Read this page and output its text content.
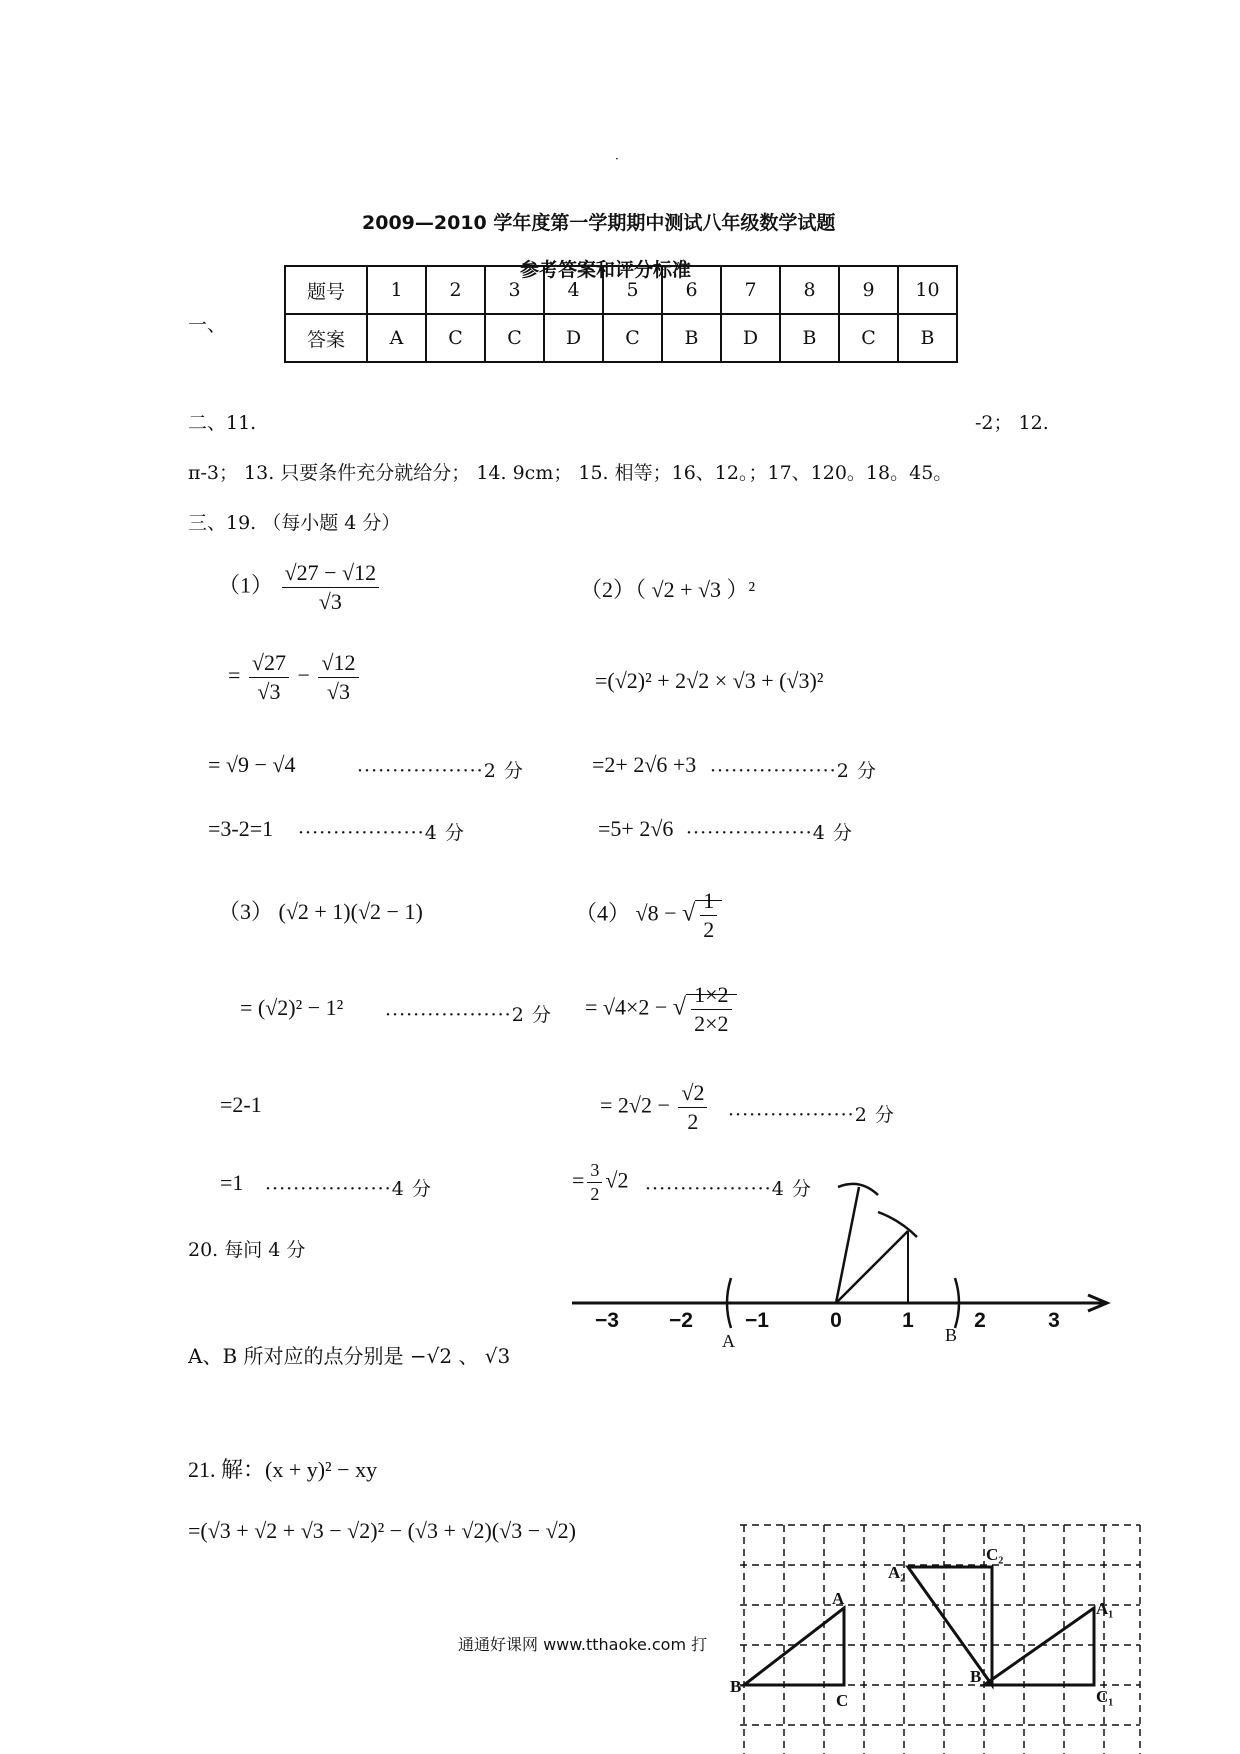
·
2009—2010 学年度第一学期期中测试八年级数学试题
参考答案和评分标准
一、
题号	1	2	3	4	5	6	7	8	9	10
答案	A	C	C	D	C	B	D	B	C	B
二、11.	-2； 12.
π-3； 13. 只要条件充分就给分； 14. 9cm； 15. 相等；16、12。；17、120。18。45。
三、19. （每小题 4 分）
$(1) \frac{√27 - √12}{√3}$
= $\frac{√27}{√3} - \frac{√12}{√3}$
= √9 − √4	··················2 分
=3-2=1 ··················4 分
（2）（ √2 + √3 ）²
=(√2)² + 2√2 × √3 + (√3)²
=2+ 2√6 +3 ··················2 分
=5+ 2√6 ··················4 分
（3） (√2 + 1)(√2 − 1)
= (√2)² − 1² ··················2 分
=2-1
=1 ··················4 分
（4） √8 − √ $\frac{1}{2}$
= √4×2 − √ $\frac{1\times 2}{2\times 2}$
= $2√2 - \frac{√2}{2} \cdot\cdot\cdot\cdot\cdot\cdot\cdot\cdot\cdot\cdot\cdot\cdot\cdot\cdot\cdot\cdot\cdot\cdot 2$ 分
= $\frac{3}{2} √2 \cdot\cdot\cdot\cdot\cdot\cdot\cdot\cdot\cdot\cdot\cdot\cdot\cdot\cdot\cdot\cdot\cdot\cdot 4$ 分
20. 每问 4 分
A、B 所对应的点分别是 −√2 、 √3
−3 −2 −1	0	1	2	3
A	B
21. 解：(x + y)² − xy
=(√3 + √2 + √3 − √2)² − (√3 + √2)(√3 − √2)
A
B
C
A₁
B
C₁
A₂
C₂
通通好课网 www.tthaoke.com 打
